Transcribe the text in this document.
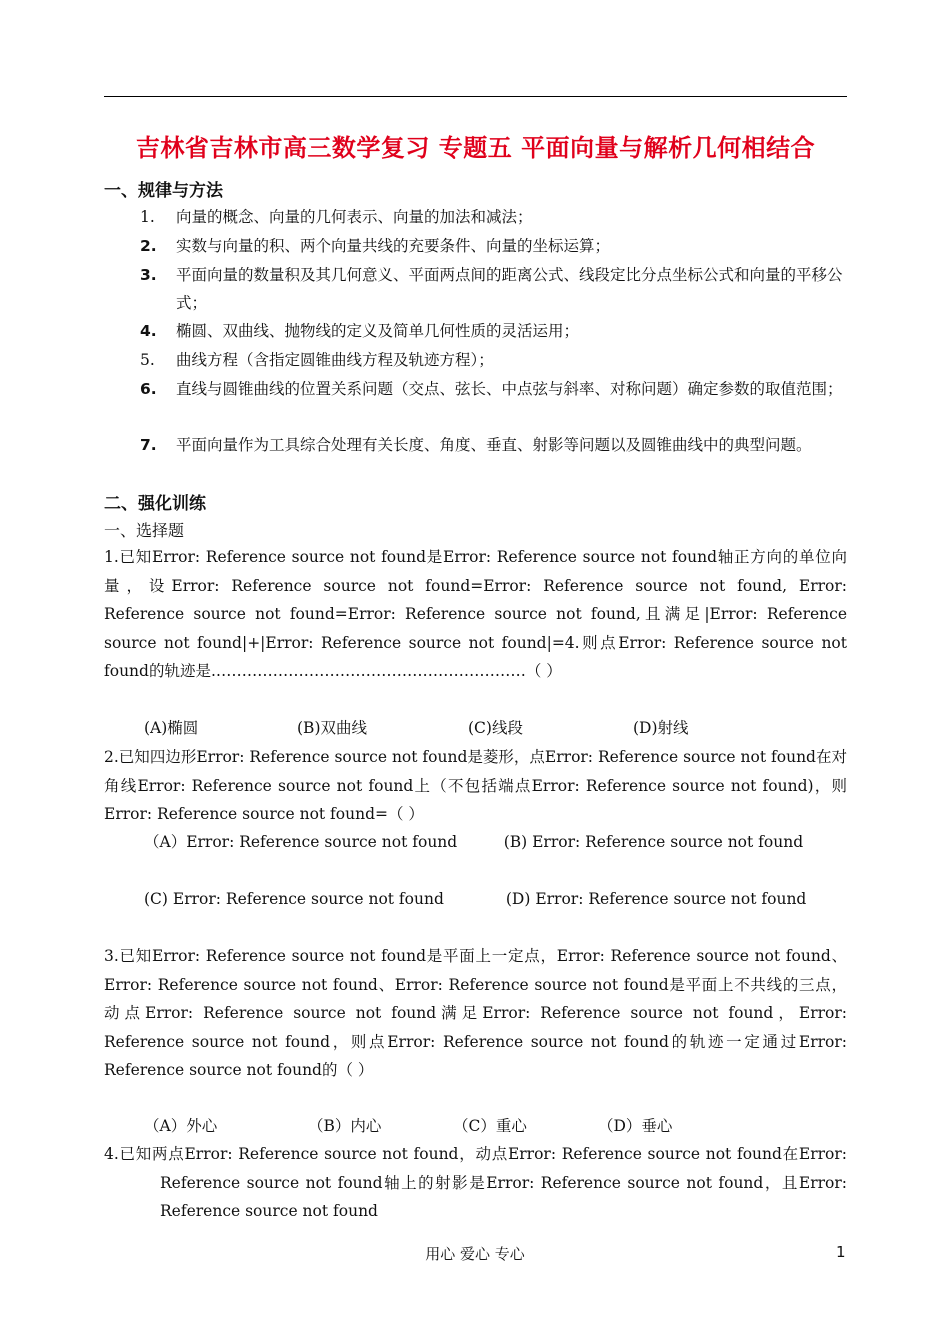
吉林省吉林市高三数学复习 专题五 平面向量与解析几何相结合
一、规律与方法
1.	向量的概念、向量的几何表示、向量的加法和减法；
2.	实数与向量的积、两个向量共线的充要条件、向量的坐标运算；
3.	平面向量的数量积及其几何意义、平面两点间的距离公式、线段定比分点坐标公式和向量的平移公式；
4.	椭圆、双曲线、抛物线的定义及简单几何性质的灵活运用；
5.	曲线方程（含指定圆锥曲线方程及轨迹方程）；
6.	直线与圆锥曲线的位置关系问题（交点、弦长、中点弦与斜率、对称问题）确定参数的取值范围；
7.	平面向量作为工具综合处理有关长度、角度、垂直、射影等问题以及圆锥曲线中的典型问题。
二、强化训练
一、选择题
1.已知Error: Reference source not found是Error: Reference source not found轴正方向的单位向量，设Error: Reference source not found=Error: Reference source not found, Error: Reference source not found=Error: Reference source not found,且满足|Error: Reference source not found|+|Error: Reference source not found|=4.则点Error: Reference source not found的轨迹是.……………………………………………………（ ）
(A)椭圆	(B)双曲线	(C)线段	(D)射线
2.已知四边形Error: Reference source not found是菱形，点Error: Reference source not found在对角线Error: Reference source not found上（不包括端点Error: Reference source not found)，则Error: Reference source not found=（ ）
（A）Error: Reference source not found　　　(B) Error: Reference source not found
(C) Error: Reference source not found　　　　(D) Error: Reference source not found
3.已知Error: Reference source not found是平面上一定点，Error: Reference source not found、Error: Reference source not found、Error: Reference source not found是平面上不共线的三点，动点Error: Reference source not found满足Error: Reference source not found，Error: Reference source not found，则点Error: Reference source not found的轨迹一定通过Error: Reference source not found的（ ）
（A）外心	（B）内心	（C）重心	（D）垂心
4.已知两点Error: Reference source not found，动点Error: Reference source not found在Error: Reference source not found轴上的射影是Error: Reference source not found，且Error: Reference source not found
用心 爱心 专心	1
